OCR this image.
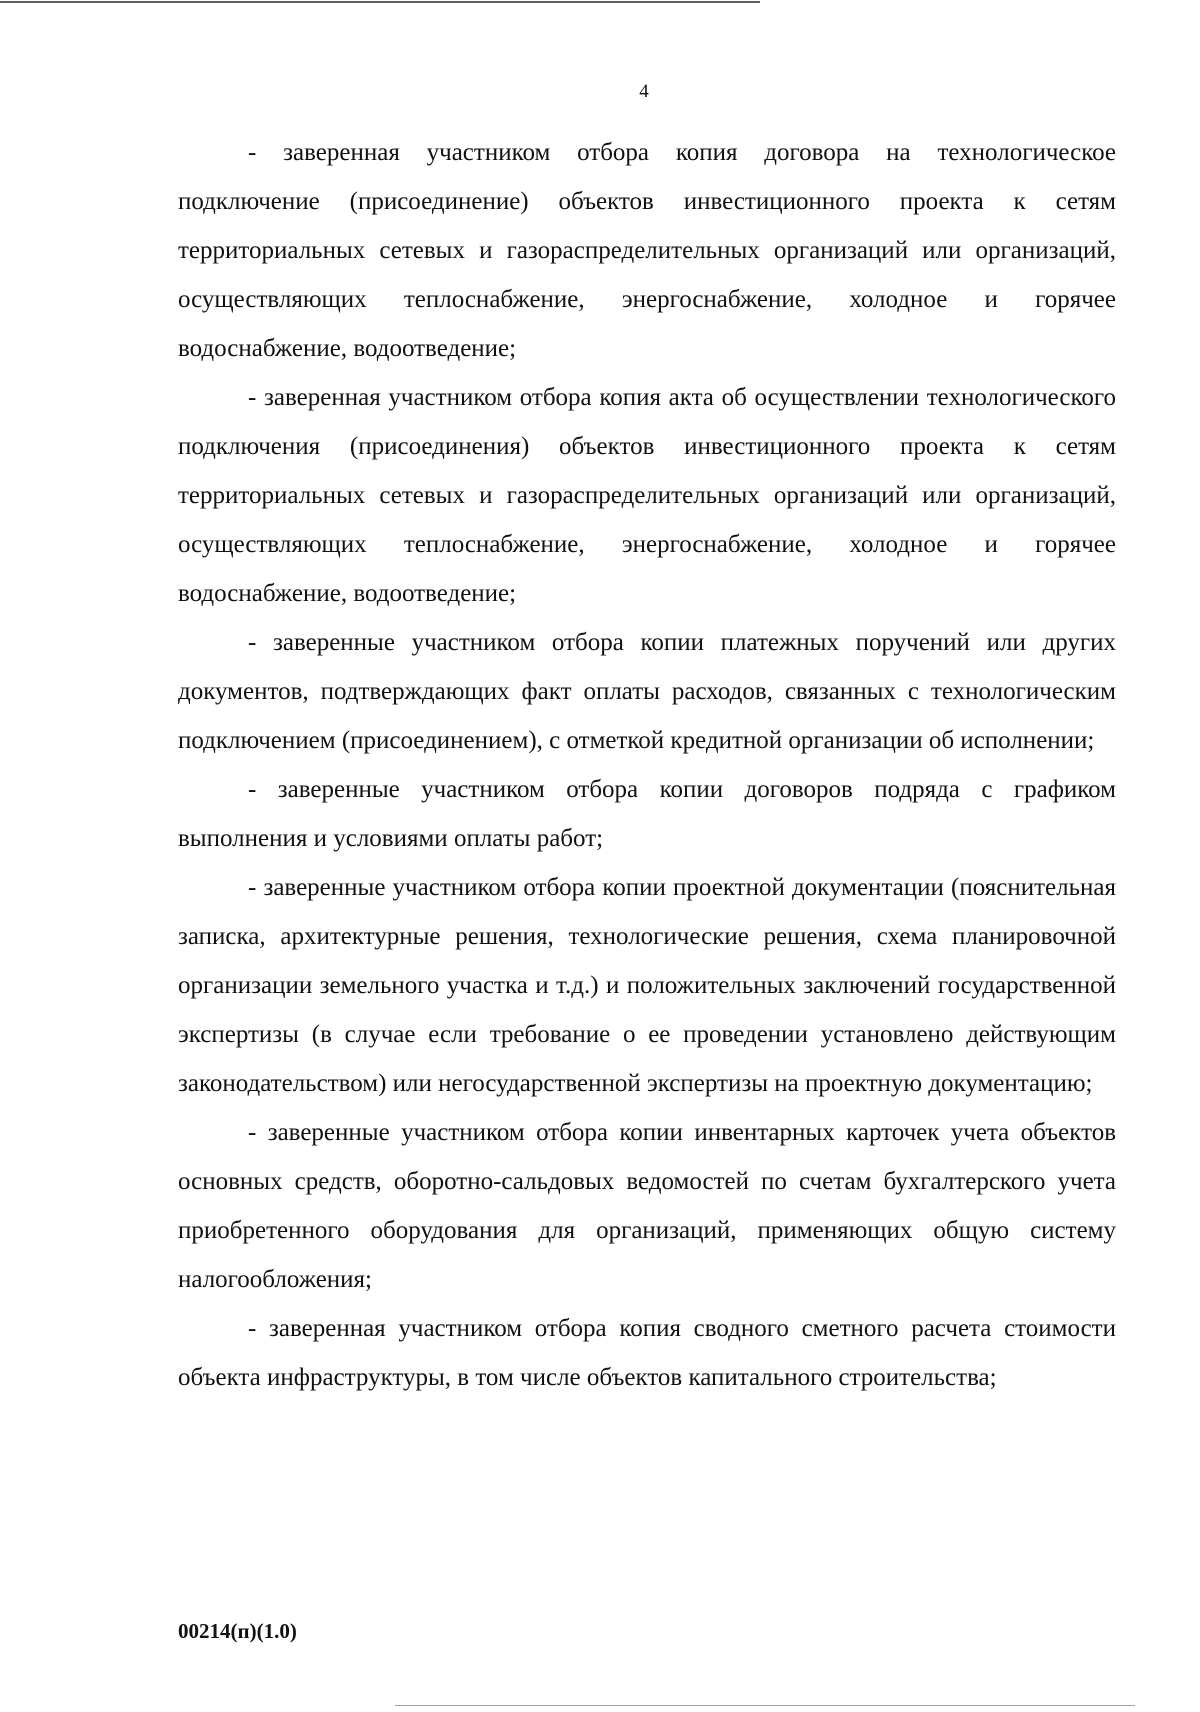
4

- заверенная участником отбора копия договора на технологическое подключение (присоединение) объектов инвестиционного проекта к сетям территориальных сетевых и газораспределительных организаций или организаций, осуществляющих теплоснабжение, энергоснабжение, холодное и горячее водоснабжение, водоотведение;

- заверенная участником отбора копия акта об осуществлении технологического подключения (присоединения) объектов инвестиционного проекта к сетям территориальных сетевых и газораспределительных организаций или организаций, осуществляющих теплоснабжение, энергоснабжение, холодное и горячее водоснабжение, водоотведение;

- заверенные участником отбора копии платежных поручений или других документов, подтверждающих факт оплаты расходов, связанных с технологическим подключением (присоединением), с отметкой кредитной организации об исполнении;

- заверенные участником отбора копии договоров подряда с графиком выполнения и условиями оплаты работ;

- заверенные участником отбора копии проектной документации (пояснительная записка, архитектурные решения, технологические решения, схема планировочной организации земельного участка и т.д.) и положительных заключений государственной экспертизы (в случае если требование о ее проведении установлено действующим законодательством) или негосударственной экспертизы на проектную документацию;

- заверенные участником отбора копии инвентарных карточек учета объектов основных средств, оборотно-сальдовых ведомостей по счетам бухгалтерского учета приобретенного оборудования для организаций, применяющих общую систему налогообложения;

- заверенная участником отбора копия сводного сметного расчета стоимости объекта инфраструктуры, в том числе объектов капитального строительства;

00214(п)(1.0)
